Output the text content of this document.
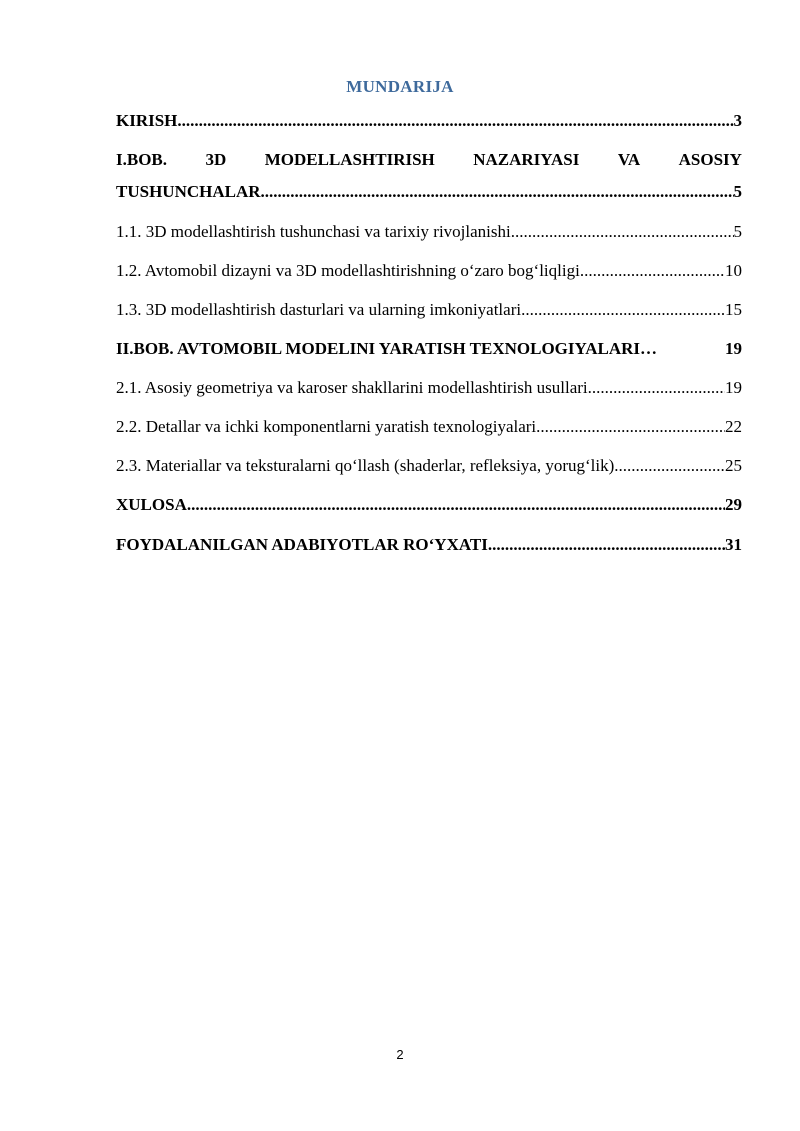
MUNDARIJA
KIRISH .....	3
I.BOB. 3D MODELLASHTIRISH NAZARIYASI VA ASOSIY
TUSHUNCHALAR .....	5
1.1. 3D modellashtirish tushunchasi va tarixiy rivojlanishi .....	5
1.2. Avtomobil dizayni va 3D modellashtirishning o‘zaro bog‘liqligi .....	10
1.3. 3D modellashtirish dasturlari va ularning imkoniyatlari .....	15
II.BOB. AVTOMOBIL MODELINI YARATISH TEXNOLOGIYALARI…	19
2.1. Asosiy geometriya va karoser shakllarini modellashtirish usullari .....	19
2.2. Detallar va ichki komponentlarni yaratish texnologiyalari .....	22
2.3. Materiallar va teksturalarni qo‘llash (shaderlar, refleksiya, yorug‘lik) .....	25
XULOSA .....	29
FOYDALANILGAN ADABIYOTLAR RO‘YXATI .....	31
2
